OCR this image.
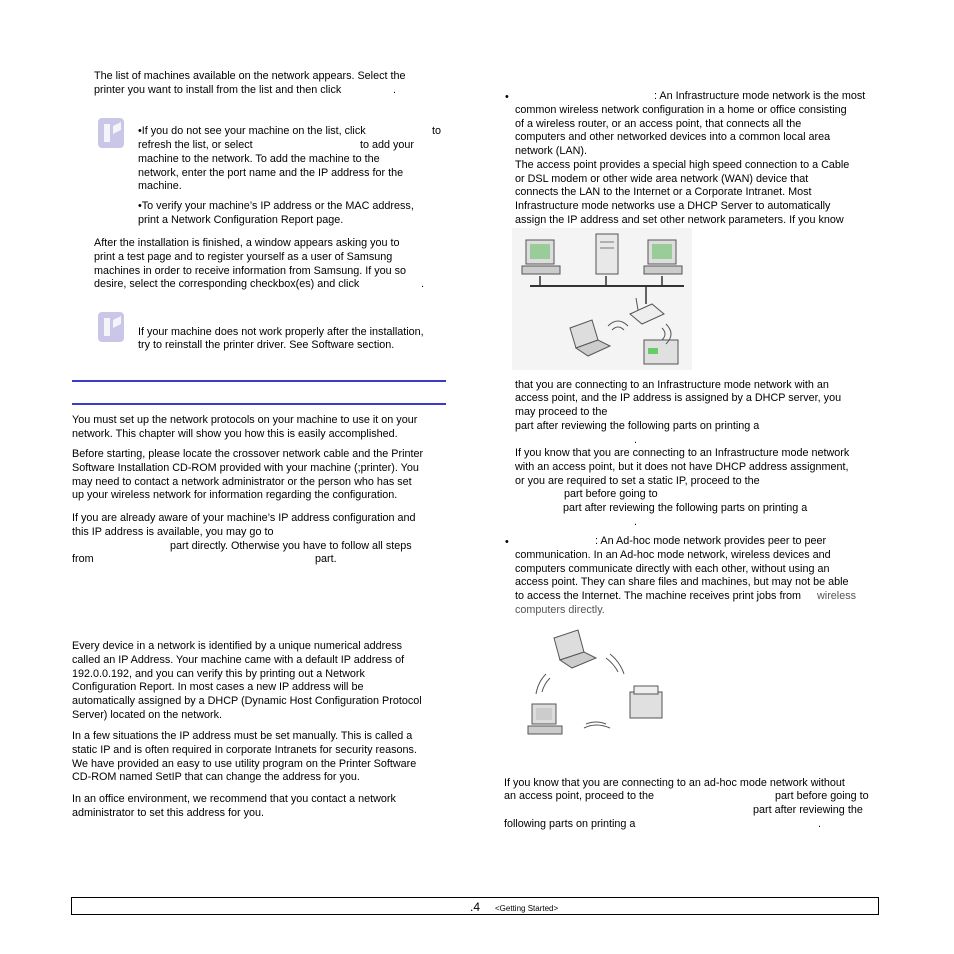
The list of machines available on the network appears. Select the
printer you want to install from the list and then click	.
•If you do not see your machine on the list, click	to
refresh the list, or select	to add your
machine to the network. To add the machine to the
network, enter the port name and the IP address for the
machine.
•To verify your machine’s IP address or the MAC address,
print a Network Configuration Report page.
After the installation is finished, a window appears asking you to
print a test page and to register yourself as a user of Samsung
machines in order to receive information from Samsung. If you so
desire, select the corresponding checkbox(es) and click	.
If your machine does not work properly after the installation,
try to reinstall the printer driver. See Software section.
You must set up the network protocols on your machine to use it on your
network. This chapter will show you how this is easily accomplished.
Before starting, please locate the crossover network cable and the Printer
Software Installation CD-ROM provided with your machine (;printer). You
may need to contact a network administrator or the person who has set
up your wireless network for information regarding the configuration.
If you are already aware of your machine’s IP address configuration and
this IP address is available, you may go to
part directly. Otherwise you have to follow all steps
from	part.
Every device in a network is identified by a unique numerical address
called an IP Address. Your machine came with a default IP address of
192.0.0.192, and you can verify this by printing out a Network
Configuration Report. In most cases a new IP address will be
automatically assigned by a DHCP (Dynamic Host Configuration Protocol
Server) located on the network.
In a few situations the IP address must be set manually. This is called a
static IP and is often required in corporate Intranets for security reasons.
We have provided an easy to use utility program on the Printer Software
CD-ROM named SetIP that can change the address for you.
In an office environment, we recommend that you contact a network
administrator to set this address for you.
•	: An Infrastructure mode network is the most
common wireless network configuration in a home or office consisting
of a wireless router, or an access point, that connects all the
computers and other networked devices into a common local area
network (LAN).
The access point provides a special high speed connection to a Cable
or DSL modem or other wide area network (WAN) device that
connects the LAN to the Internet or a Corporate Intranet. Most
Infrastructure mode networks use a DHCP Server to automatically
assign the IP address and set other network parameters. If you know
that you are connecting to an Infrastructure mode network with an
access point, and the IP address is assigned by a DHCP server, you
may proceed to the
part after reviewing the following parts on printing a
.
If you know that you are connecting to an Infrastructure mode network
with an access point, but it does not have DHCP address assignment,
or you are required to set a static IP, proceed to the
part before going to
part after reviewing the following parts on printing a
.
•	: An Ad-hoc mode network provides peer to peer
communication. In an Ad-hoc mode network, wireless devices and
computers communicate directly with each other, without using an
access point. They can share files and machines, but may not be able
to access the Internet. The machine receives print jobs from wireless
computers directly.
If you know that you are connecting to an ad-hoc mode network without
an access point, proceed to the	part before going to
part after reviewing the
following parts on printing a	.
.4 <Getting Started>
